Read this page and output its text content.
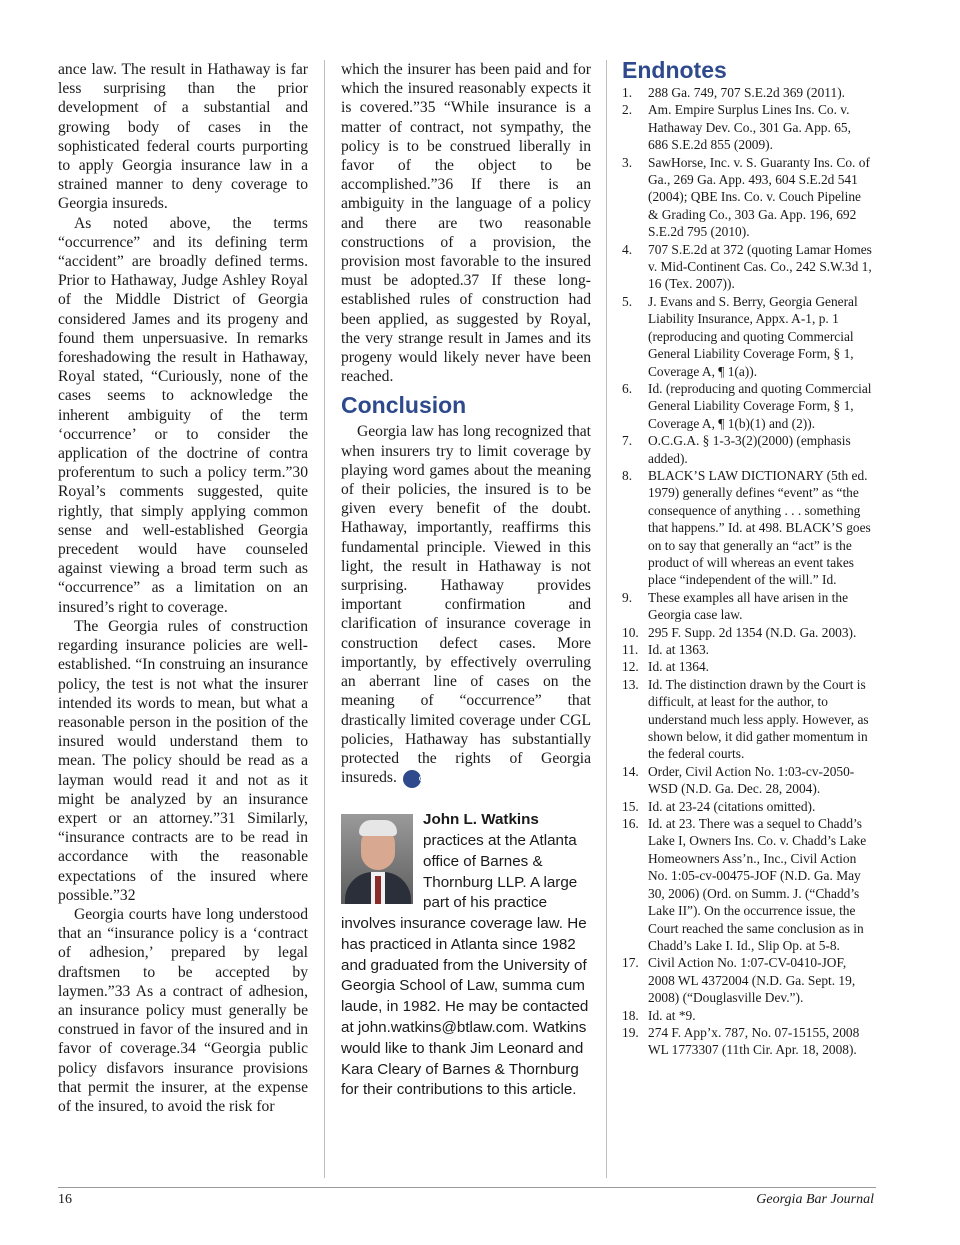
ance law. The result in Hathaway is far less surprising than the prior development of a substantial and growing body of cases in the sophisticated federal courts purporting to apply Georgia insurance law in a strained manner to deny coverage to Georgia insureds.

As noted above, the terms “occurrence” and its defining term “accident” are broadly defined terms. Prior to Hathaway, Judge Ashley Royal of the Middle District of Georgia considered James and its progeny and found them unpersuasive. In remarks foreshadowing the result in Hathaway, Royal stated, “Curiously, none of the cases seems to acknowledge the inherent ambiguity of the term ‘occurrence’ or to consider the application of the doctrine of contra proferentum to such a policy term.”30 Royal’s comments suggested, quite rightly, that simply applying common sense and well-established Georgia precedent would have counseled against viewing a broad term such as “occurrence” as a limitation on an insured’s right to coverage.

The Georgia rules of construction regarding insurance policies are well-established. “In construing an insurance policy, the test is not what the insurer intended its words to mean, but what a reasonable person in the position of the insured would understand them to mean. The policy should be read as a layman would read it and not as it might be analyzed by an insurance expert or an attorney.”31 Similarly, “insurance contracts are to be read in accordance with the reasonable expectations of the insured where possible.”32

Georgia courts have long understood that an “insurance policy is a ‘contract of adhesion,’ prepared by legal draftsmen to be accepted by laymen.”33 As a contract of adhesion, an insurance policy must generally be construed in favor of the insured and in favor of coverage.34 “Georgia public policy disfavors insurance provisions that permit the insurer, at the expense of the insured, to avoid the risk for

which the insurer has been paid and for which the insured reasonably expects it is covered.”35 “While insurance is a matter of contract, not sympathy, the policy is to be construed liberally in favor of the object to be accomplished.”36 If there is an ambiguity in the language of a policy and there are two reasonable constructions of a provision, the provision most favorable to the insured must be adopted.37 If these long-established rules of construction had been applied, as suggested by Royal, the very strange result in James and its progeny would likely never have been reached.

Conclusion

Georgia law has long recognized that when insurers try to limit coverage by playing word games about the meaning of their policies, the insured is to be given every benefit of the doubt. Hathaway, importantly, reaffirms this fundamental principle. Viewed in this light, the result in Hathaway is not surprising. Hathaway provides important confirmation and clarification of insurance coverage in construction defect cases. More importantly, by effectively overruling an aberrant line of cases on the meaning of “occurrence” that drastically limited coverage under CGL policies, Hathaway has substantially protected the rights of Georgia insureds.	GBJ

John L. Watkins practices at the Atlanta office of Barnes & Thornburg LLP. A large part of his practice involves insurance coverage law. He has practiced in Atlanta since 1982 and graduated from the University of Georgia School of Law, summa cum laude, in 1982. He may be contacted at john.watkins@btlaw.com. Watkins would like to thank Jim Leonard and Kara Cleary of Barnes & Thornburg for their contributions to this article.
Endnotes
1. 288 Ga. 749, 707 S.E.2d 369 (2011).
2. Am. Empire Surplus Lines Ins. Co. v. Hathaway Dev. Co., 301 Ga. App. 65, 686 S.E.2d 855 (2009).
3. SawHorse, Inc. v. S. Guaranty Ins. Co. of Ga., 269 Ga. App. 493, 604 S.E.2d 541 (2004); QBE Ins. Co. v. Couch Pipeline & Grading Co., 303 Ga. App. 196, 692 S.E.2d 795 (2010).
4. 707 S.E.2d at 372 (quoting Lamar Homes v. Mid-Continent Cas. Co., 242 S.W.3d 1, 16 (Tex. 2007)).
5. J. Evans and S. Berry, Georgia General Liability Insurance, Appx. A-1, p. 1 (reproducing and quoting Commercial General Liability Coverage Form, § 1, Coverage A, ¶ 1(a)).
6. Id. (reproducing and quoting Commercial General Liability Coverage Form, § 1, Coverage A, ¶ 1(b)(1) and (2)).
7. O.C.G.A. § 1-3-3(2)(2000) (emphasis added).
8. BLACK’S LAW DICTIONARY (5th ed. 1979) generally defines “event” as “the consequence of anything . . . something that happens.” Id. at 498. BLACK’S goes on to say that generally an “act” is the product of will whereas an event takes place “independent of the will.” Id.
9. These examples all have arisen in the Georgia case law.
10. 295 F. Supp. 2d 1354 (N.D. Ga. 2003).
11. Id. at 1363.
12. Id. at 1364.
13. Id. The distinction drawn by the Court is difficult, at least for the author, to understand much less apply. However, as shown below, it did gather momentum in the federal courts.
14. Order, Civil Action No. 1:03-cv-2050-WSD (N.D. Ga. Dec. 28, 2004).
15. Id. at 23-24 (citations omitted).
16. Id. at 23. There was a sequel to Chadd’s Lake I, Owners Ins. Co. v. Chadd’s Lake Homeowners Ass’n., Inc., Civil Action No. 1:05-cv-00475-JOF (N.D. Ga. May 30, 2006) (Ord. on Summ. J. (“Chadd’s Lake II”). On the occurrence issue, the Court reached the same conclusion as in Chadd’s Lake I. Id., Slip Op. at 5-8.
17. Civil Action No. 1:07-CV-0410-JOF, 2008 WL 4372004 (N.D. Ga. Sept. 19, 2008) (“Douglasville Dev.”).
18. Id. at *9.
19. 274 F. App’x. 787, No. 07-15155, 2008 WL 1773307 (11th Cir. Apr. 18, 2008).
16	Georgia Bar Journal
